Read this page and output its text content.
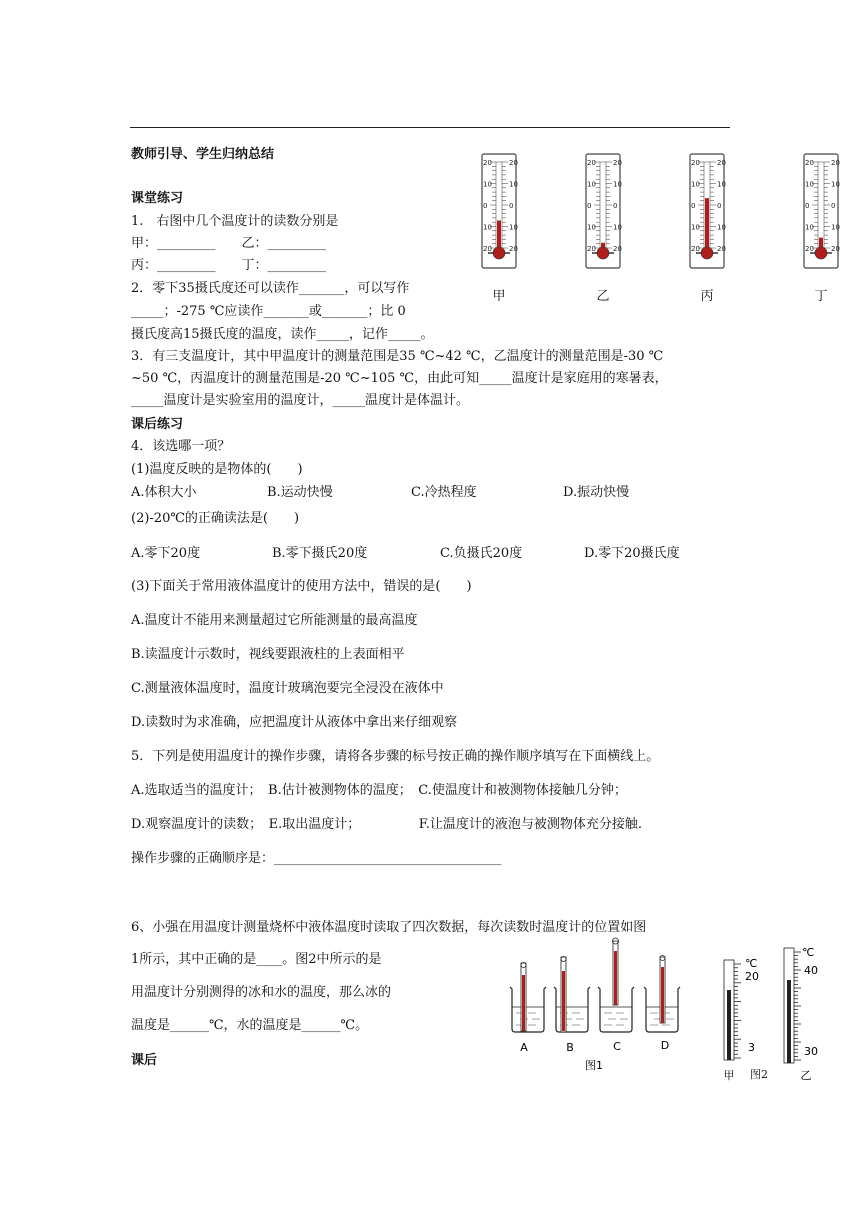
教师引导、学生归纳总结
课堂练习
1.　右图中几个温度计的读数分别是
甲：_________　　乙：_________
丙：_________　　丁：_________
2．零下35摄氏度还可以读作_______，可以写作
_____；-275 ℃应读作_______或_______；比 0
摄氏度高15摄氏度的温度，读作_____，记作_____。
3．有三支温度计，其中甲温度计的测量范围是35 ℃~42 ℃，乙温度计的测量范围是-30 ℃
~50 ℃，丙温度计的测量范围是-20 ℃~105 ℃，由此可知_____温度计是家庭用的寒暑表，
_____温度计是实验室用的温度计，_____温度计是体温计。
20 20
10 10
0	0
10 10
20 20
甲
20 20
10 10
0	0
10 10
20 20
乙
20 20
10 10
0	0
10 10
20 20
丙
20 20
10 10
0	0
10 10
20 20
丁
课后练习
4．该选哪一项？
(1)温度反映的是物体的(　　)
A.体积大小	B.运动快慢	C.冷热程度	D.振动快慢
(2)-20℃的正确读法是(　　)
A.零下20度	B.零下摄氏20度	C.负摄氏20度	D.零下20摄氏度
(3)下面关于常用液体温度计的使用方法中，错误的是(　　)
A.温度计不能用来测量超过它所能测量的最高温度
B.读温度计示数时，视线要跟液柱的上表面相平
C.测量液体温度时，温度计玻璃泡要完全浸没在液体中
D.读数时为求准确，应把温度计从液体中拿出来仔细观察
5．下列是使用温度计的操作步骤，请将各步骤的标号按正确的操作顺序填写在下面横线上。
A.选取适当的温度计；　B.估计被测物体的温度；　C.使温度计和被测物体接触几分钟；
D.观察温度计的读数；　E.取出温度计；　　　　　F.让温度计的液泡与被测物体充分接触.
操作步骤的正确顺序是：___________________________________
6、小强在用温度计测量烧杯中液体温度时读取了四次数据，每次读数时温度计的位置如图
1所示，其中正确的是____。图2中所示的是
用温度计分别测得的冰和水的温度，那么冰的
温度是______℃，水的温度是______℃。
课后
A	B	C	D
图1
℃
20
3
甲
℃
40
30
乙
图2
